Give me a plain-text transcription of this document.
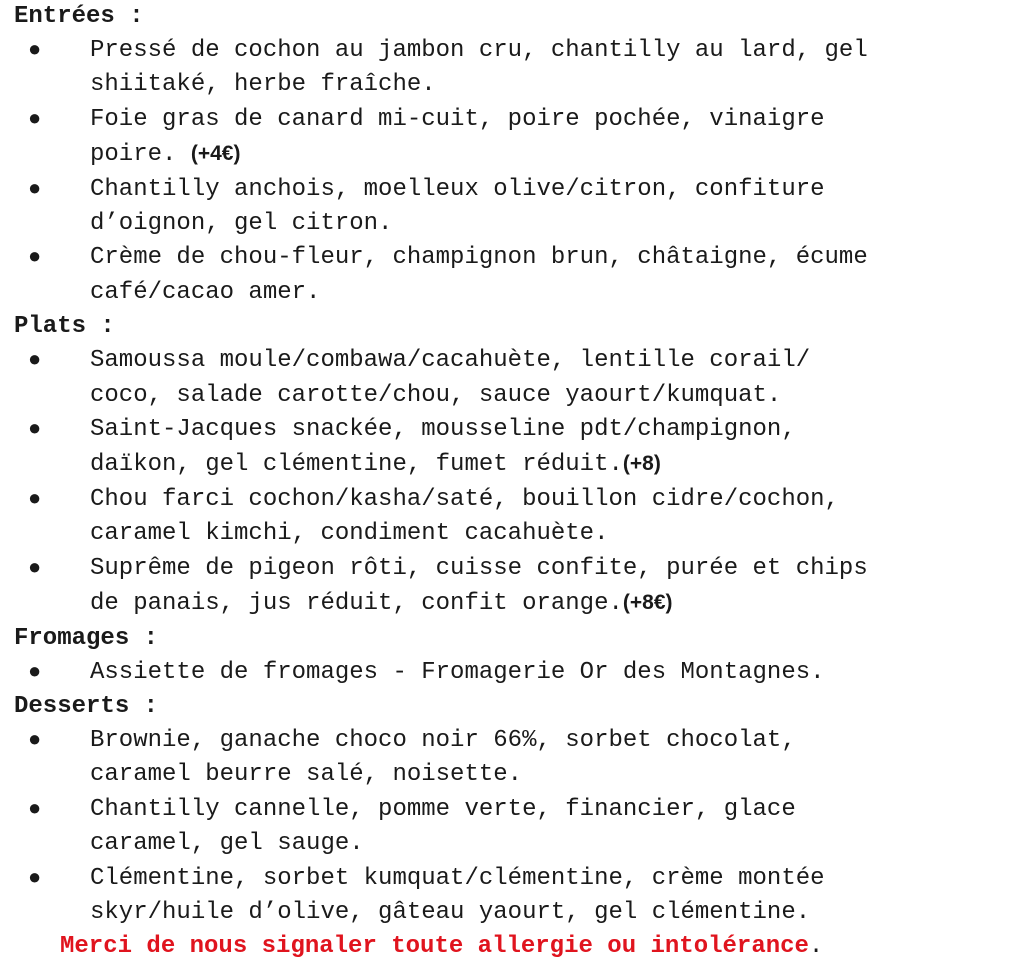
Entrées :
● Pressé de cochon au jambon cru, chantilly au lard, gel
shiitaké, herbe fraîche.
● Foie gras de canard mi-cuit, poire pochée, vinaigre
poire. (+4€)
● Chantilly anchois, moelleux olive/citron, confiture
d’oignon, gel citron.
● Crème de chou-fleur, champignon brun, châtaigne, écume
café/cacao amer.
Plats :
● Samoussa moule/combawa/cacahuète, lentille corail/
coco, salade carotte/chou, sauce yaourt/kumquat.
● Saint-Jacques snackée, mousseline pdt/champignon,
daïkon, gel clémentine, fumet réduit.(+8)
● Chou farci cochon/kasha/saté, bouillon cidre/cochon,
caramel kimchi, condiment cacahuète.
● Suprême de pigeon rôti, cuisse confite, purée et chips
de panais, jus réduit, confit orange.(+8€)
Fromages :
● Assiette de fromages - Fromagerie Or des Montagnes.
Desserts :
● Brownie, ganache choco noir 66%, sorbet chocolat,
caramel beurre salé, noisette.
● Chantilly cannelle, pomme verte, financier, glace
caramel, gel sauge.
● Clémentine, sorbet kumquat/clémentine, crème montée
skyr/huile d’olive, gâteau yaourt, gel clémentine.

Merci de nous signaler toute allergie ou intolérance.
